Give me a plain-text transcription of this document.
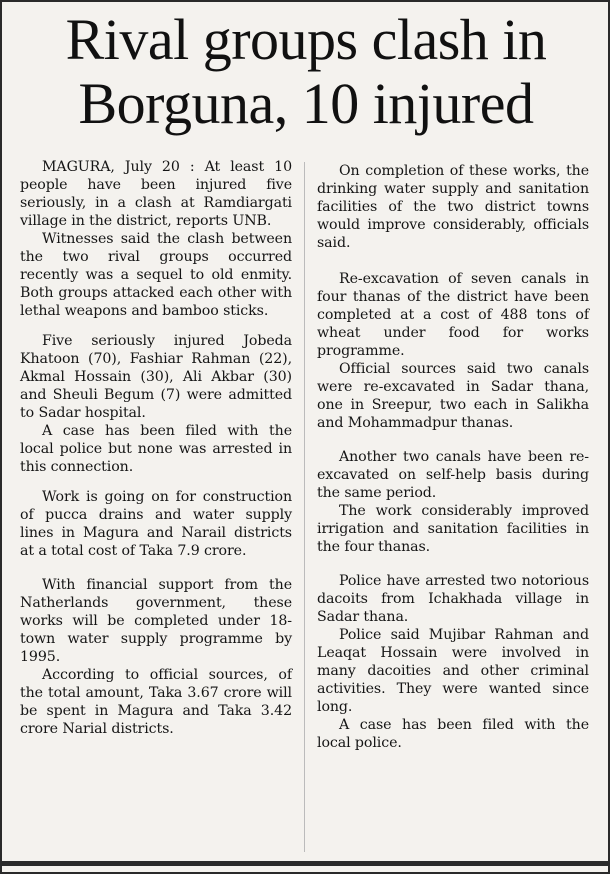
Rival groups clash in
Borguna, 10 injured

MAGURA, July 20 : At least 10 people have been injured five seriously, in a clash at Ramdiargati village in the district, reports UNB.

Witnesses said the clash between the two rival groups occurred recently was a sequel to old enmity. Both groups attacked each other with lethal weapons and bamboo sticks.

Five seriously injured Jobeda Khatoon (70), Fashiar Rahman (22), Akmal Hossain (30), Ali Akbar (30) and Sheuli Begum (7) were admitted to Sadar hospital.

A case has been filed with the local police but none was arrested in this connection.

Work is going on for construction of pucca drains and water supply lines in Magura and Narail districts at a total cost of Taka 7.9 crore.

With financial support from the Natherlands government, these works will be completed under 18-town water supply programme by 1995.

According to official sources, of the total amount, Taka 3.67 crore will be spent in Magura and Taka 3.42 crore Narial districts.

On completion of these works, the drinking water supply and sanitation facilities of the two district towns would improve considerably, officials said.

Re-excavation of seven canals in four thanas of the district have been completed at a cost of 488 tons of wheat under food for works programme.

Official sources said two canals were re-excavated in Sadar thana, one in Sreepur, two each in Salikha and Mohammadpur thanas.

Another two canals have been re-excavated on self-help basis during the same period.

The work considerably improved irrigation and sanitation facilities in the four thanas.

Police have arrested two notorious dacoits from Ichakhada village in Sadar thana.

Police said Mujibar Rahman and Leaqat Hossain were involved in many dacoities and other criminal activities. They were wanted since long.

A case has been filed with the local police.
